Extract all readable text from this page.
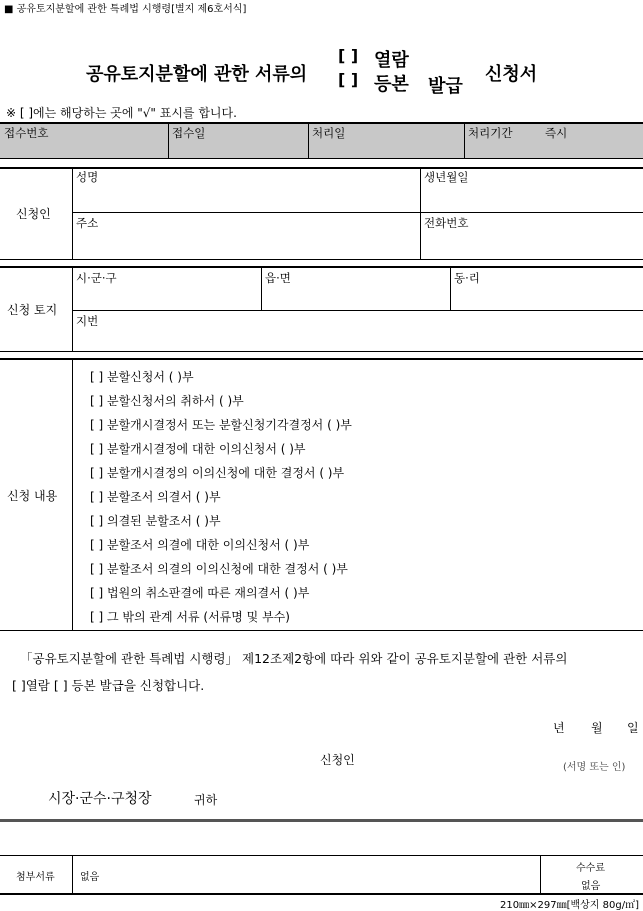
■ 공유토지분할에 관한 특례법 시행령[별지 제6호서식]
공유토지분할에 관한 서류의
[ ]
[ ]
열람
등본 발급
신청서
※ [ ]에는 해당하는 곳에 "√" 표시를 합니다.
접수번호	접수일	처리일	처리기간	즉시
신청인
성명	생년월일
주소	전화번호
신청 토지
시·군·구	읍·면	동·리
지번
신청 내용
[ ] 분할신청서 ( )부
[ ] 분할신청서의 취하서 ( )부
[ ] 분할개시결정서 또는 분할신청기각결정서 ( )부
[ ] 분할개시결정에 대한 이의신청서 ( )부
[ ] 분할개시결정의 이의신청에 대한 결정서 ( )부
[ ] 분할조서 의결서 ( )부
[ ] 의결된 분할조서 ( )부
[ ] 분할조서 의결에 대한 이의신청서 ( )부
[ ] 분할조서 의결의 이의신청에 대한 결정서 ( )부
[ ] 법원의 취소판결에 따른 재의결서 ( )부
[ ] 그 밖의 관계 서류 (서류명 및 부수)
「공유토지분할에 관한 특례법 시행령」 제12조제2항에 따라 위와 같이 공유토지분할에 관한 서류의
[ ]열람 [ ] 등본 발급을 신청합니다.
년 월 일
신청인
(서명 또는 인)
시장·군수·구청장	귀하
첨부서류	없음
수수료
없음
210㎜×297㎜[백상지 80g/㎡]
